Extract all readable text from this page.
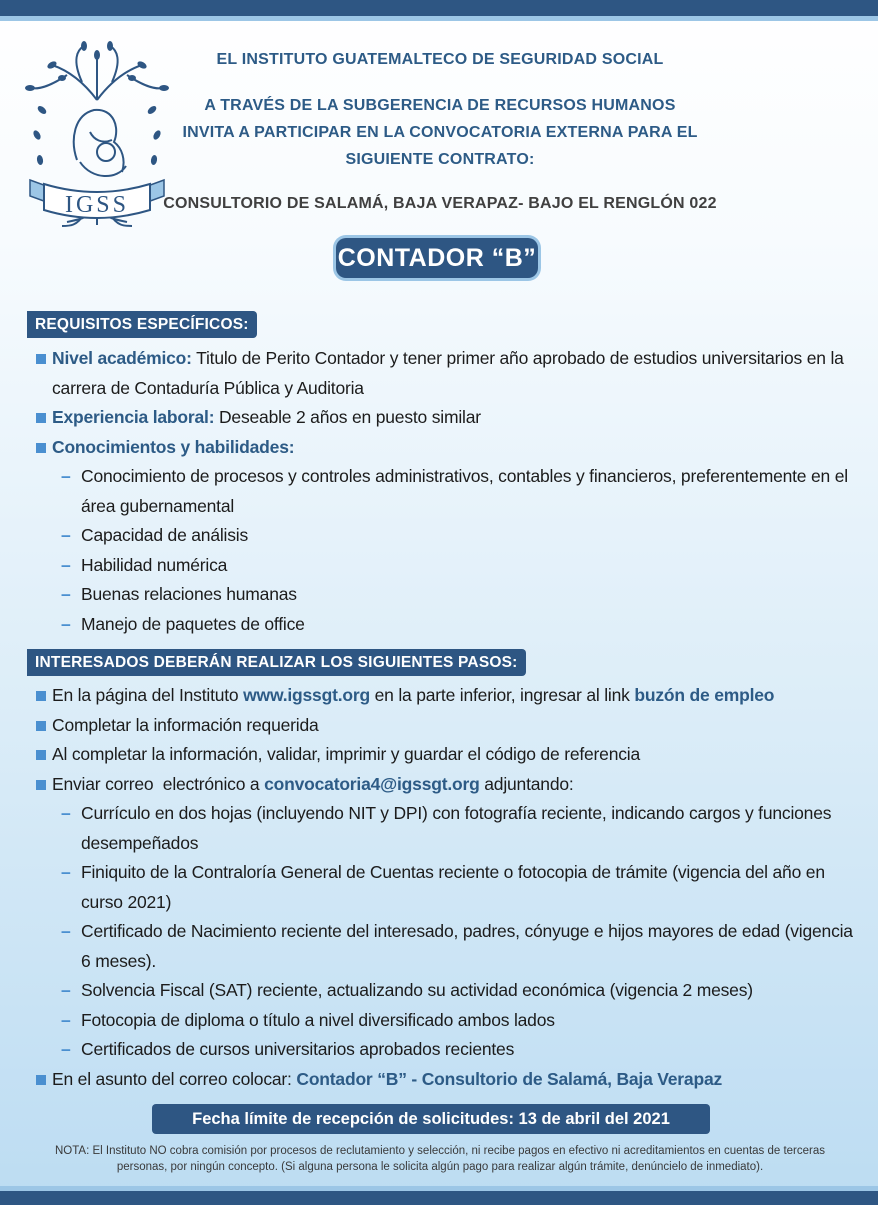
IGSS
EL INSTITUTO GUATEMALTECO DE SEGURIDAD SOCIAL
A TRAVÉS DE LA SUBGERENCIA DE RECURSOS HUMANOS
INVITA A PARTICIPAR EN LA CONVOCATORIA EXTERNA PARA EL
SIGUIENTE CONTRATO:
CONSULTORIO DE SALAMÁ, BAJA VERAPAZ- BAJO EL RENGLÓN 022
CONTADOR “B”
REQUISITOS ESPECÍFICOS:
Nivel académico: Titulo de Perito Contador y tener primer año aprobado de estudios universitarios en la carrera de Contaduría Pública y Auditoria
Experiencia laboral: Deseable 2 años en puesto similar
Conocimientos y habilidades:
– Conocimiento de procesos y controles administrativos, contables y financieros, preferentemente en el área gubernamental
– Capacidad de análisis
– Habilidad numérica
– Buenas relaciones humanas
– Manejo de paquetes de office
INTERESADOS DEBERÁN REALIZAR LOS SIGUIENTES PASOS:
En la página del Instituto www.igssgt.org en la parte inferior, ingresar al link buzón de empleo
Completar la información requerida
Al completar la información, validar, imprimir y guardar el código de referencia
Enviar correo  electrónico a convocatoria4@igssgt.org adjuntando:
– Currículo en dos hojas (incluyendo NIT y DPI) con fotografía reciente, indicando cargos y funciones desempeñados
– Finiquito de la Contraloría General de Cuentas reciente o fotocopia de trámite (vigencia del año en curso 2021)
– Certificado de Nacimiento reciente del interesado, padres, cónyuge e hijos mayores de edad (vigencia 6 meses).
– Solvencia Fiscal (SAT) reciente, actualizando su actividad económica (vigencia 2 meses)
– Fotocopia de diploma o título a nivel diversificado ambos lados
– Certificados de cursos universitarios aprobados recientes
En el asunto del correo colocar: Contador “B” - Consultorio de Salamá, Baja Verapaz
Fecha límite de recepción de solicitudes: 13 de abril del 2021
NOTA: El Instituto NO cobra comisión por procesos de reclutamiento y selección, ni recibe pagos en efectivo ni acreditamientos en cuentas de terceras personas, por ningún concepto. (Si alguna persona le solicita algún pago para realizar algún trámite, denúncielo de inmediato).
